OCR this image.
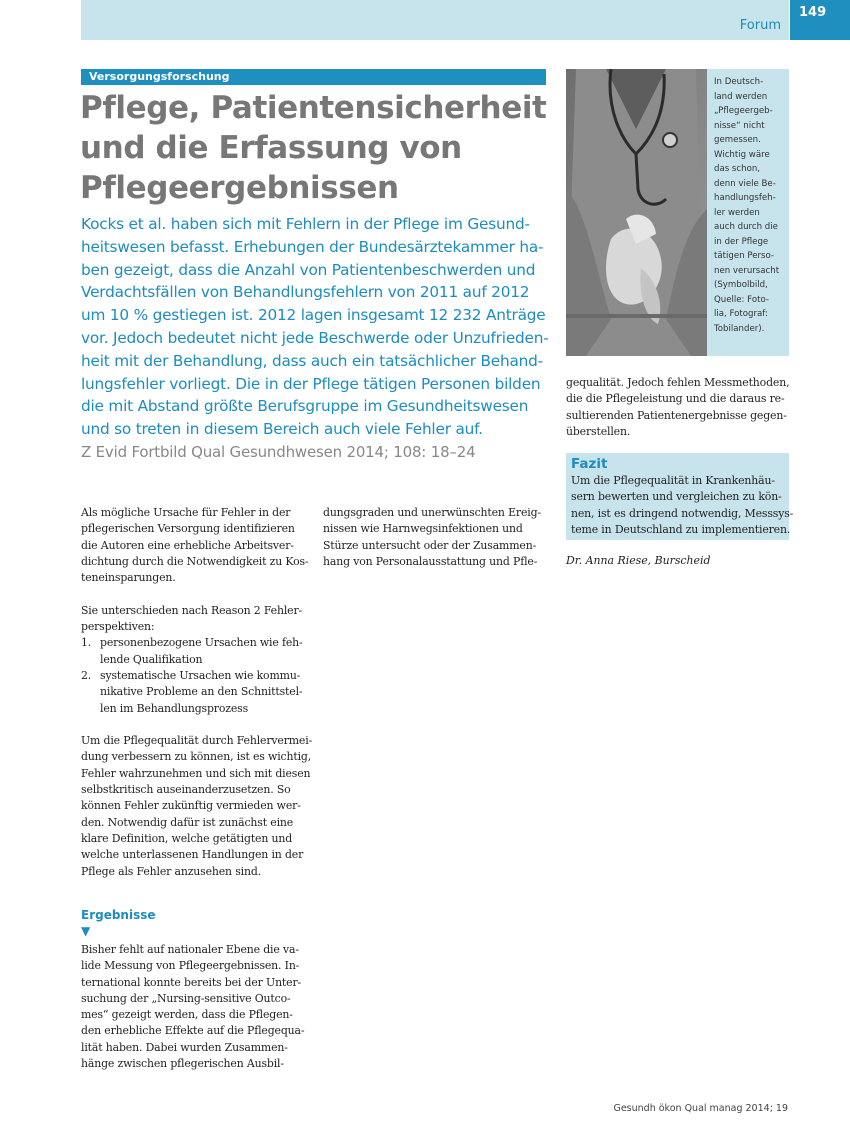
Forum
149
Versorgungsforschung
Pflege, Patientensicherheit
und die Erfassung von
Pflegeergebnissen
Kocks et al. haben sich mit Fehlern in der Pflege im Gesund-
heitswesen befasst. Erhebungen der Bundesärztekammer ha-
ben gezeigt, dass die Anzahl von Patientenbeschwerden und
Verdachtsfällen von Behandlungsfehlern von 2011 auf 2012
um 10 % gestiegen ist. 2012 lagen insgesamt 12 232 Anträge
vor. Jedoch bedeutet nicht jede Beschwerde oder Unzufrieden-
heit mit der Behandlung, dass auch ein tatsächlicher Behand-
lungsfehler vorliegt. Die in der Pflege tätigen Personen bilden
die mit Abstand größte Berufsgruppe im Gesundheitswesen
und so treten in diesem Bereich auch viele Fehler auf.
Z Evid Fortbild Qual Gesundhwesen 2014; 108: 18–24
Als mögliche Ursache für Fehler in der
pflegerischen Versorgung identifizieren
die Autoren eine erhebliche Arbeitsver-
dichtung durch die Notwendigkeit zu Kos-
teneinsparungen.
Sie unterschieden nach Reason 2 Fehler-
perspektiven:
1. personenbezogene Ursachen wie feh-
lende Qualifikation
2. systematische Ursachen wie kommu-
nikative Probleme an den Schnittstel-
len im Behandlungsprozess
Um die Pflegequalität durch Fehlervermei-
dung verbessern zu können, ist es wichtig,
Fehler wahrzunehmen und sich mit diesen
selbstkritisch auseinanderzusetzen. So
können Fehler zukünftig vermieden wer-
den. Notwendig dafür ist zunächst eine
klare Definition, welche getätigten und
welche unterlassenen Handlungen in der
Pflege als Fehler anzusehen sind.
Ergebnisse
▼
Bisher fehlt auf nationaler Ebene die va-
lide Messung von Pflegeergebnissen. In-
ternational konnte bereits bei der Unter-
suchung der „Nursing-sensitive Outco-
mes“ gezeigt werden, dass die Pflegen-
den erhebliche Effekte auf die Pflegequa-
lität haben. Dabei wurden Zusammen-
hänge zwischen pflegerischen Ausbil-
dungsgraden und unerwünschten Ereig-
nissen wie Harnwegsinfektionen und
Stürze untersucht oder der Zusammen-
hang von Personalausstattung und Pfle-
In Deutsch-
land werden
„Pflegeergeb-
nisse“ nicht
gemessen.
Wichtig wäre
das schon,
denn viele Be-
handlungsfeh-
ler werden
auch durch die
in der Pflege
tätigen Perso-
nen verursacht
(Symbolbild,
Quelle: Foto-
lia, Fotograf:
Tobilander).
gequalität. Jedoch fehlen Messmethoden,
die die Pflegeleistung und die daraus re-
sultierenden Patientenergebnisse gegen-
überstellen.
Fazit
Um die Pflegequalität in Krankenhäu-
sern bewerten und vergleichen zu kön-
nen, ist es dringend notwendig, Messsys-
teme in Deutschland zu implementieren.
Dr. Anna Riese, Burscheid
Gesundh ökon Qual manag 2014; 19
